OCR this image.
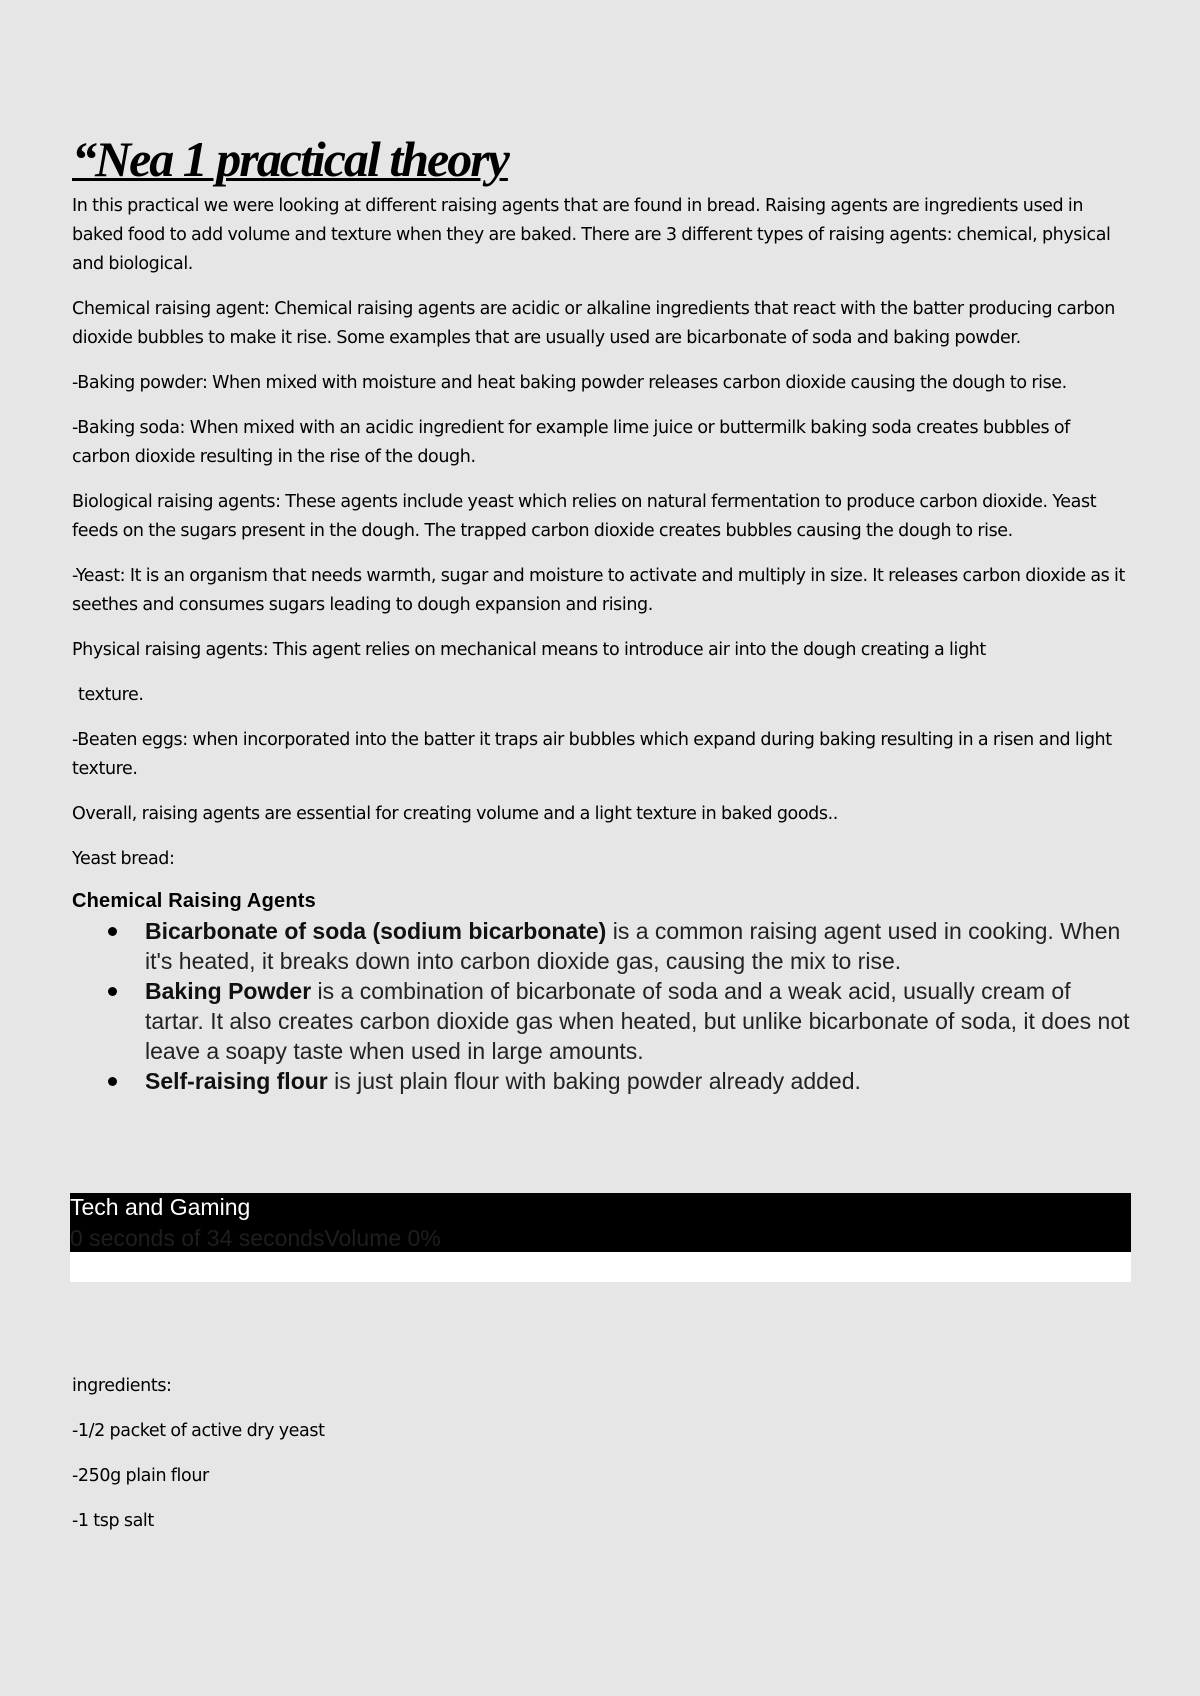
“Nea 1 practical theory

In this practical we were looking at different raising agents that are found in bread. Raising agents are ingredients used in baked food to add volume and texture when they are baked. There are 3 different types of raising agents: chemical, physical and biological.

Chemical raising agent: Chemical raising agents are acidic or alkaline ingredients that react with the batter producing carbon dioxide bubbles to make it rise. Some examples that are usually used are bicarbonate of soda and baking powder.

-Baking powder: When mixed with moisture and heat baking powder releases carbon dioxide causing the dough to rise.

-Baking soda: When mixed with an acidic ingredient for example lime juice or buttermilk baking soda creates bubbles of carbon dioxide resulting in the rise of the dough.

Biological raising agents: These agents include yeast which relies on natural fermentation to produce carbon dioxide. Yeast feeds on the sugars present in the dough. The trapped carbon dioxide creates bubbles causing the dough to rise.

-Yeast: It is an organism that needs warmth, sugar and moisture to activate and multiply in size. It releases carbon dioxide as it seethes and consumes sugars leading to dough expansion and rising.

Physical raising agents: This agent relies on mechanical means to introduce air into the dough creating a light

texture.

-Beaten eggs: when incorporated into the batter it traps air bubbles which expand during baking resulting in a risen and light texture.

Overall, raising agents are essential for creating volume and a light texture in baked goods..

Yeast bread:

Chemical Raising Agents
Bicarbonate of soda (sodium bicarbonate) is a common raising agent used in cooking. When it's heated, it breaks down into carbon dioxide gas, causing the mix to rise.
Baking Powder is a combination of bicarbonate of soda and a weak acid, usually cream of tartar. It also creates carbon dioxide gas when heated, but unlike bicarbonate of soda, it does not leave a soapy taste when used in large amounts.
Self-raising flour is just plain flour with baking powder already added.
Tech and Gaming
0 seconds of 34 secondsVolume 0%

ingredients:

-1/2 packet of active dry yeast

-250g plain flour

-1 tsp salt
